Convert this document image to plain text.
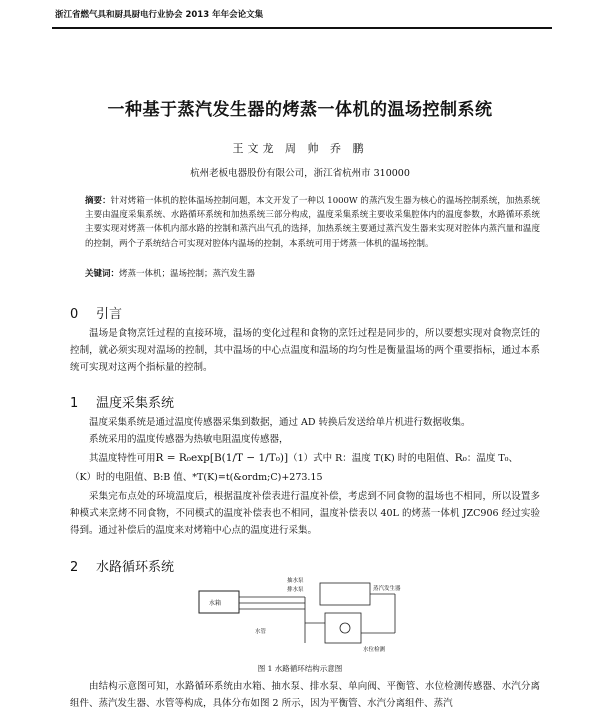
浙江省燃气具和厨具厨电行业协会 2013 年年会论文集
一种基于蒸汽发生器的烤蒸一体机的温场控制系统
王文龙 周 帅 乔 鹏
杭州老板电器股份有限公司，浙江省杭州市 310000
摘要：针对烤箱一体机的腔体温场控制问题，本文开发了一种以 1000W 的蒸汽发生器为核心的温场控制系统，加热系统主要由温度采集系统、水路循环系统和加热系统三部分构成，温度采集系统主要收采集腔体内的温度参数，水路循环系统主要实现对烤蒸一体机内部水路的控制和蒸汽出气孔的选择，加热系统主要通过蒸汽发生器来实现对腔体内蒸汽量和温度的控制，两个子系统结合可实现对腔体内温场的控制，本系统可用于烤蒸一体机的温场控制。
关键词：烤蒸一体机；温场控制；蒸汽发生器
0 引言
温场是食物烹饪过程的直接环境，温场的变化过程和食物的烹饪过程是同步的，所以要想实现对食物烹饪的控制，就必须实现对温场的控制，其中温场的中心点温度和温场的均匀性是衡量温场的两个重要指标，通过本系统可实现对这两个指标量的控制。
1 温度采集系统
温度采集系统是通过温度传感器采集到数据，通过 AD 转换后发送给单片机进行数据收集。
系统采用的温度传感器为热敏电阻温度传感器，
其温度特性可用R = R₀exp[B(1/T − 1/T₀)]（1）式中 R：温度 T(K) 时的电阻值、R₀：温度 T₀、
（K）时的电阻值、B:B 值、*T(K)=t(&ordm;C)+273.15
采集完布点处的环境温度后，根据温度补偿表进行温度补偿，考虑到不同食物的温场也不相同，所以设置多种模式来烹烤不同食物，不同模式的温度补偿表也不相同，温度补偿表以 40L 的烤蒸一体机 JZC906 经过实验得到。通过补偿后的温度来对烤箱中心点的温度进行采集。
2 水路循环系统
水箱
抽水泵
排水泵	蒸汽发生器
水管
水位检测
图 1 水路循环结构示意图
由结构示意图可知，水路循环系统由水箱、抽水泵、排水泵、单向阀、平衡管、水位检测传感器、水汽分离组件、蒸汽发生器、水管等构成，具体分布如图 2 所示，因为平衡管、水汽分离组件、蒸汽
